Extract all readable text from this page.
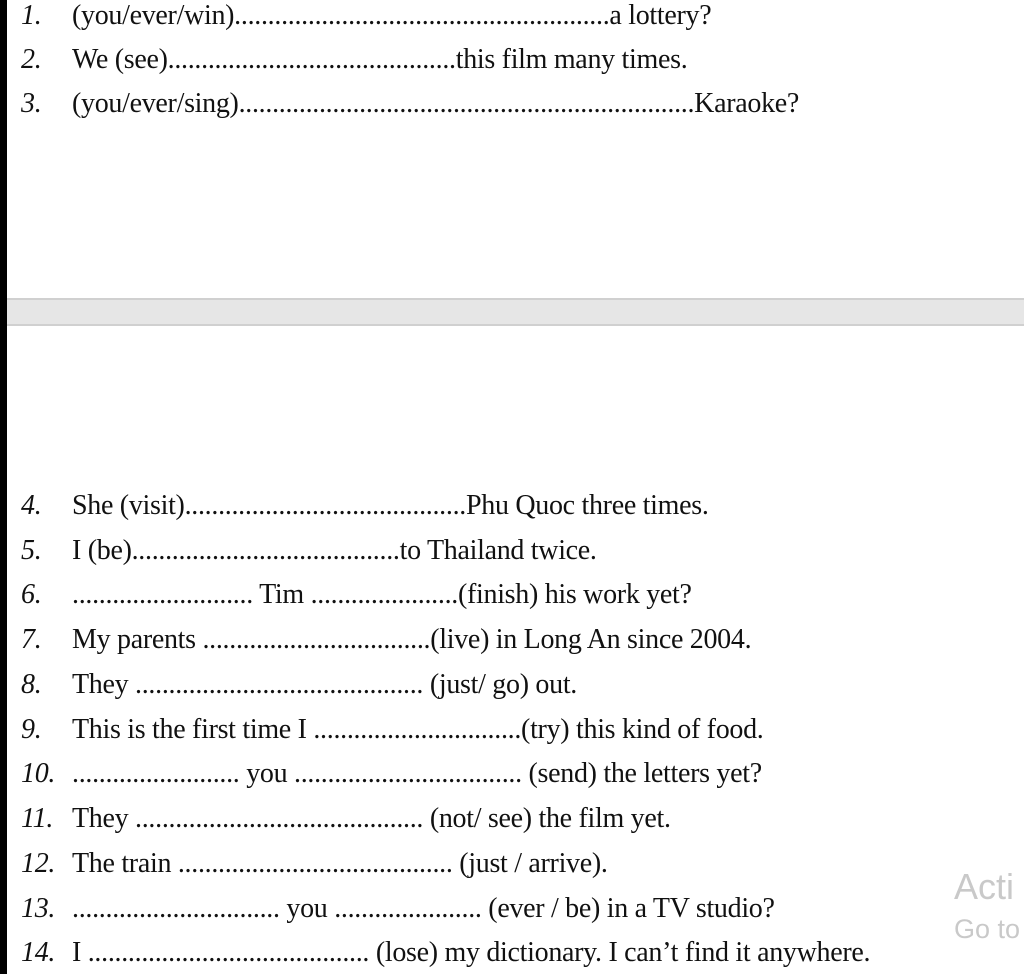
1.	(you/ever/win)........................................................a lottery?
2.	We (see)...........................................this film many times.
3.	(you/ever/sing)....................................................................Karaoke?
4.	She (visit)..........................................Phu Quoc three times.
5.	I (be)........................................to Thailand twice.
6.	........................... Tim ......................(finish) his work yet?
7.	My parents ..................................(live) in Long An since 2004.
8.	They ........................................... (just/ go) out.
9.	This is the first time I ...............................(try) this kind of food.
10. ......................... you .................................. (send) the letters yet?
11. They ........................................... (not/ see) the film yet.
12. The train ......................................... (just / arrive).
13. ............................... you ...................... (ever / be) in a TV studio?
14. I .......................................... (lose) my dictionary. I can’t find it anywhere.
Acti
Go to
